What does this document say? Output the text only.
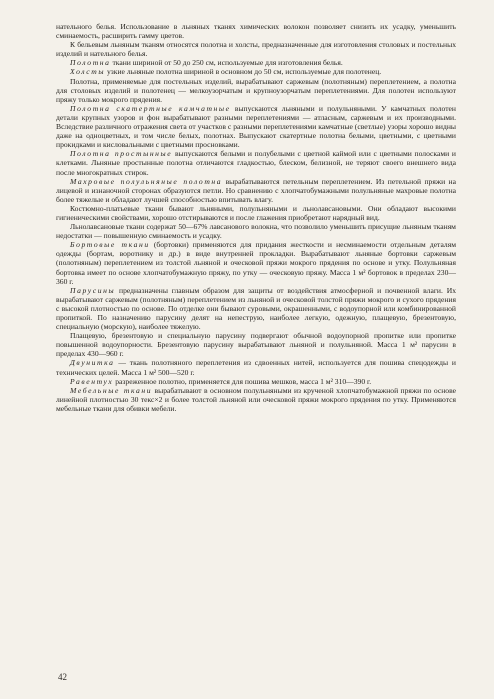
нательного белья. Использование в льняных тканях химических волокон позволяет снизить их усадку, уменьшить сминаемость, расширить гамму цветов.

К бельевым льняным тканям относятся полотна и холсты, предназначенные для изготовления столовых и постельных изделий и нательного белья.

Полотна ткани шириной от 50 до 250 см, используемые для изготовления белья.

Холсты узкие льняные полотна шириной в основном до 50 см, используемые для полотенец.

Полотна, применяемые для постельных изделий, вырабатывают саржевым (полотняным) переплетением, а полотна для столовых изделий и полотенец — мелкоузорчатым и крупноузорчатым переплетениями. Для полотен используют пряжу только мокрого прядения.

Полотна скатертные камчатные выпускаются льняными и полульняными. У камчатных полотен детали крупных узоров и фон вырабатывают разными переплетениями — атласным, саржевым и их производными. Вследствие различного отражения света от участков с разными переплетениями камчатные (светлые) узоры хорошо видны даже на одноцветных, и том числе белых, полотнах. Выпускают скатертные полотна белыми, цветными, с цветными прокидками и кисловальными с цветными просновками.

Полотна простынные выпускаются белыми и полубелыми с цветной каймой или с цветными полосками и клетками. Льняные простынные полотна отличаются гладкостью, блеском, белизной, не теряют своего внешнего вида после многократных стирок.

Махровые полульняные полотна вырабатываются петельным переплетением. Из петельной пряжи на лицевой и изнаночной сторонах образуются петли. Но сравнению с хлопчатобумажными полульняные махровые полотна более тяжелые и обладают лучшей способностью впитывать влагу.

Костюмно-платьевые ткани бывают льняными, полульняными и льнолавсановыми. Они обладают высокими гигиеническими свойствами, хорошо отстирываются и после глажения приобретают нарядный вид.

Льнолавсановые ткани содержат 50—67% лавсанового волокна, что позволило уменьшить присущие льняным тканям недостатки — повышенную сминаемость и усадку.

Бортовые ткани (бортовки) применяются для придания жесткости и несминаемости отдельным деталям одежды (бортам, воротнику и др.) в виде внутренней прокладки. Вырабатывают льняные бортовки саржевым (полотняным) переплетением из толстой льняной и оческовой пряжи мокрого прядения по основе и утку. Полульняная бортовка имеет по основе хлопчатобумажную пряжу, по утку — оческовую пряжу. Масса 1 м² бортовок в пределах 230—360 г.

Парусины предназначены главным образом для защиты от воздействия атмосферной и почвенной влаги. Их вырабатывают саржевым (полотняным) переплетением из льняной и оческовой толстой пряжи мокрого и сухого прядения с высокой плотностью по основе. По отделке они бывают суровыми, окрашенными, с водоупорной или комбинированной пропиткой. По назначению парусину делят на непеструю, наиболее легкую, одежную, плащевую, брезентовую, специальную (морскую), наиболее тяжелую.

Плащевую, брезентовую и специальную парусину подвергают обычной водоупорной пропитке или пропитке повышенной водоупорности. Брезентовую парусину вырабатывают льняной и полульняной. Масса 1 м² парусин в пределах 430—960 г.

Двунитка — ткань полотняного переплетения из сдвоенных нитей, используется для пошива спецодежды и технических целей. Масса 1 м² 500—520 г.

Равентух разреженное полотно, применяется для пошива мешков, масса 1 м² 310—390 г.

Мебельные ткани вырабатывают в основном полульняными из крученой хлопчатобумажной пряжи по основе линейной плотностью 30 текс×2 и более толстой льняной или оческовой пряжи мокрого прядения по утку. Применяются мебельные ткани для обивки мебели.

42
